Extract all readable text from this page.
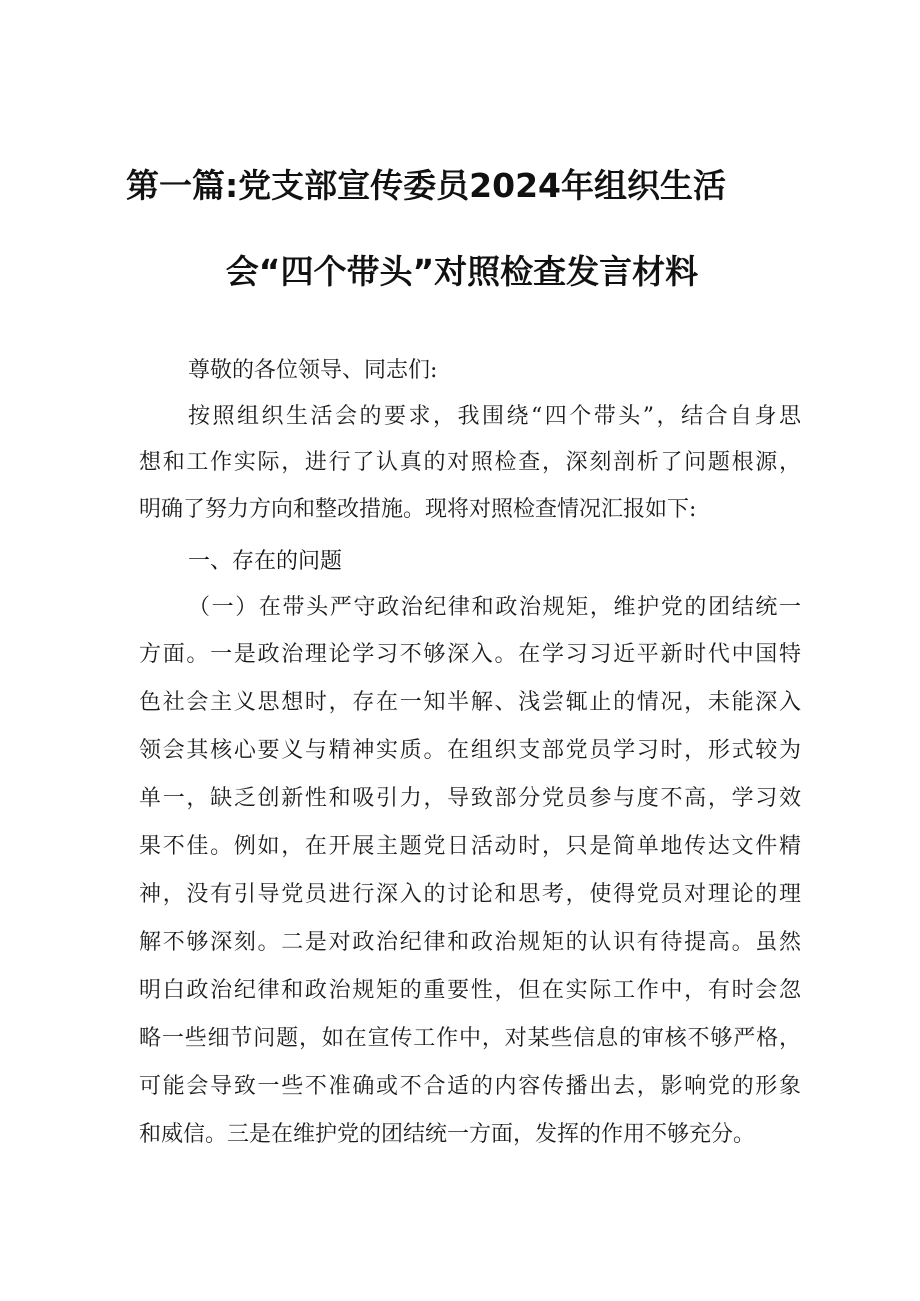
第一篇:党支部宣传委员2024年组织生活
会“四个带头”对照检查发言材料
尊敬的各位领导、同志们:
按照组织生活会的要求，我围绕“四个带头”，结合自身思
想和工作实际，进行了认真的对照检查，深刻剖析了问题根源，
明确了努力方向和整改措施。现将对照检查情况汇报如下:
一、存在的问题
（一）在带头严守政治纪律和政治规矩，维护党的团结统一
方面。一是政治理论学习不够深入。在学习习近平新时代中国特
色社会主义思想时，存在一知半解、浅尝辄止的情况，未能深入
领会其核心要义与精神实质。在组织支部党员学习时，形式较为
单一，缺乏创新性和吸引力，导致部分党员参与度不高，学习效
果不佳。例如，在开展主题党日活动时，只是简单地传达文件精
神，没有引导党员进行深入的讨论和思考，使得党员对理论的理
解不够深刻。二是对政治纪律和政治规矩的认识有待提高。虽然
明白政治纪律和政治规矩的重要性，但在实际工作中，有时会忽
略一些细节问题，如在宣传工作中，对某些信息的审核不够严格，
可能会导致一些不准确或不合适的内容传播出去，影响党的形象
和威信。三是在维护党的团结统一方面，发挥的作用不够充分。
